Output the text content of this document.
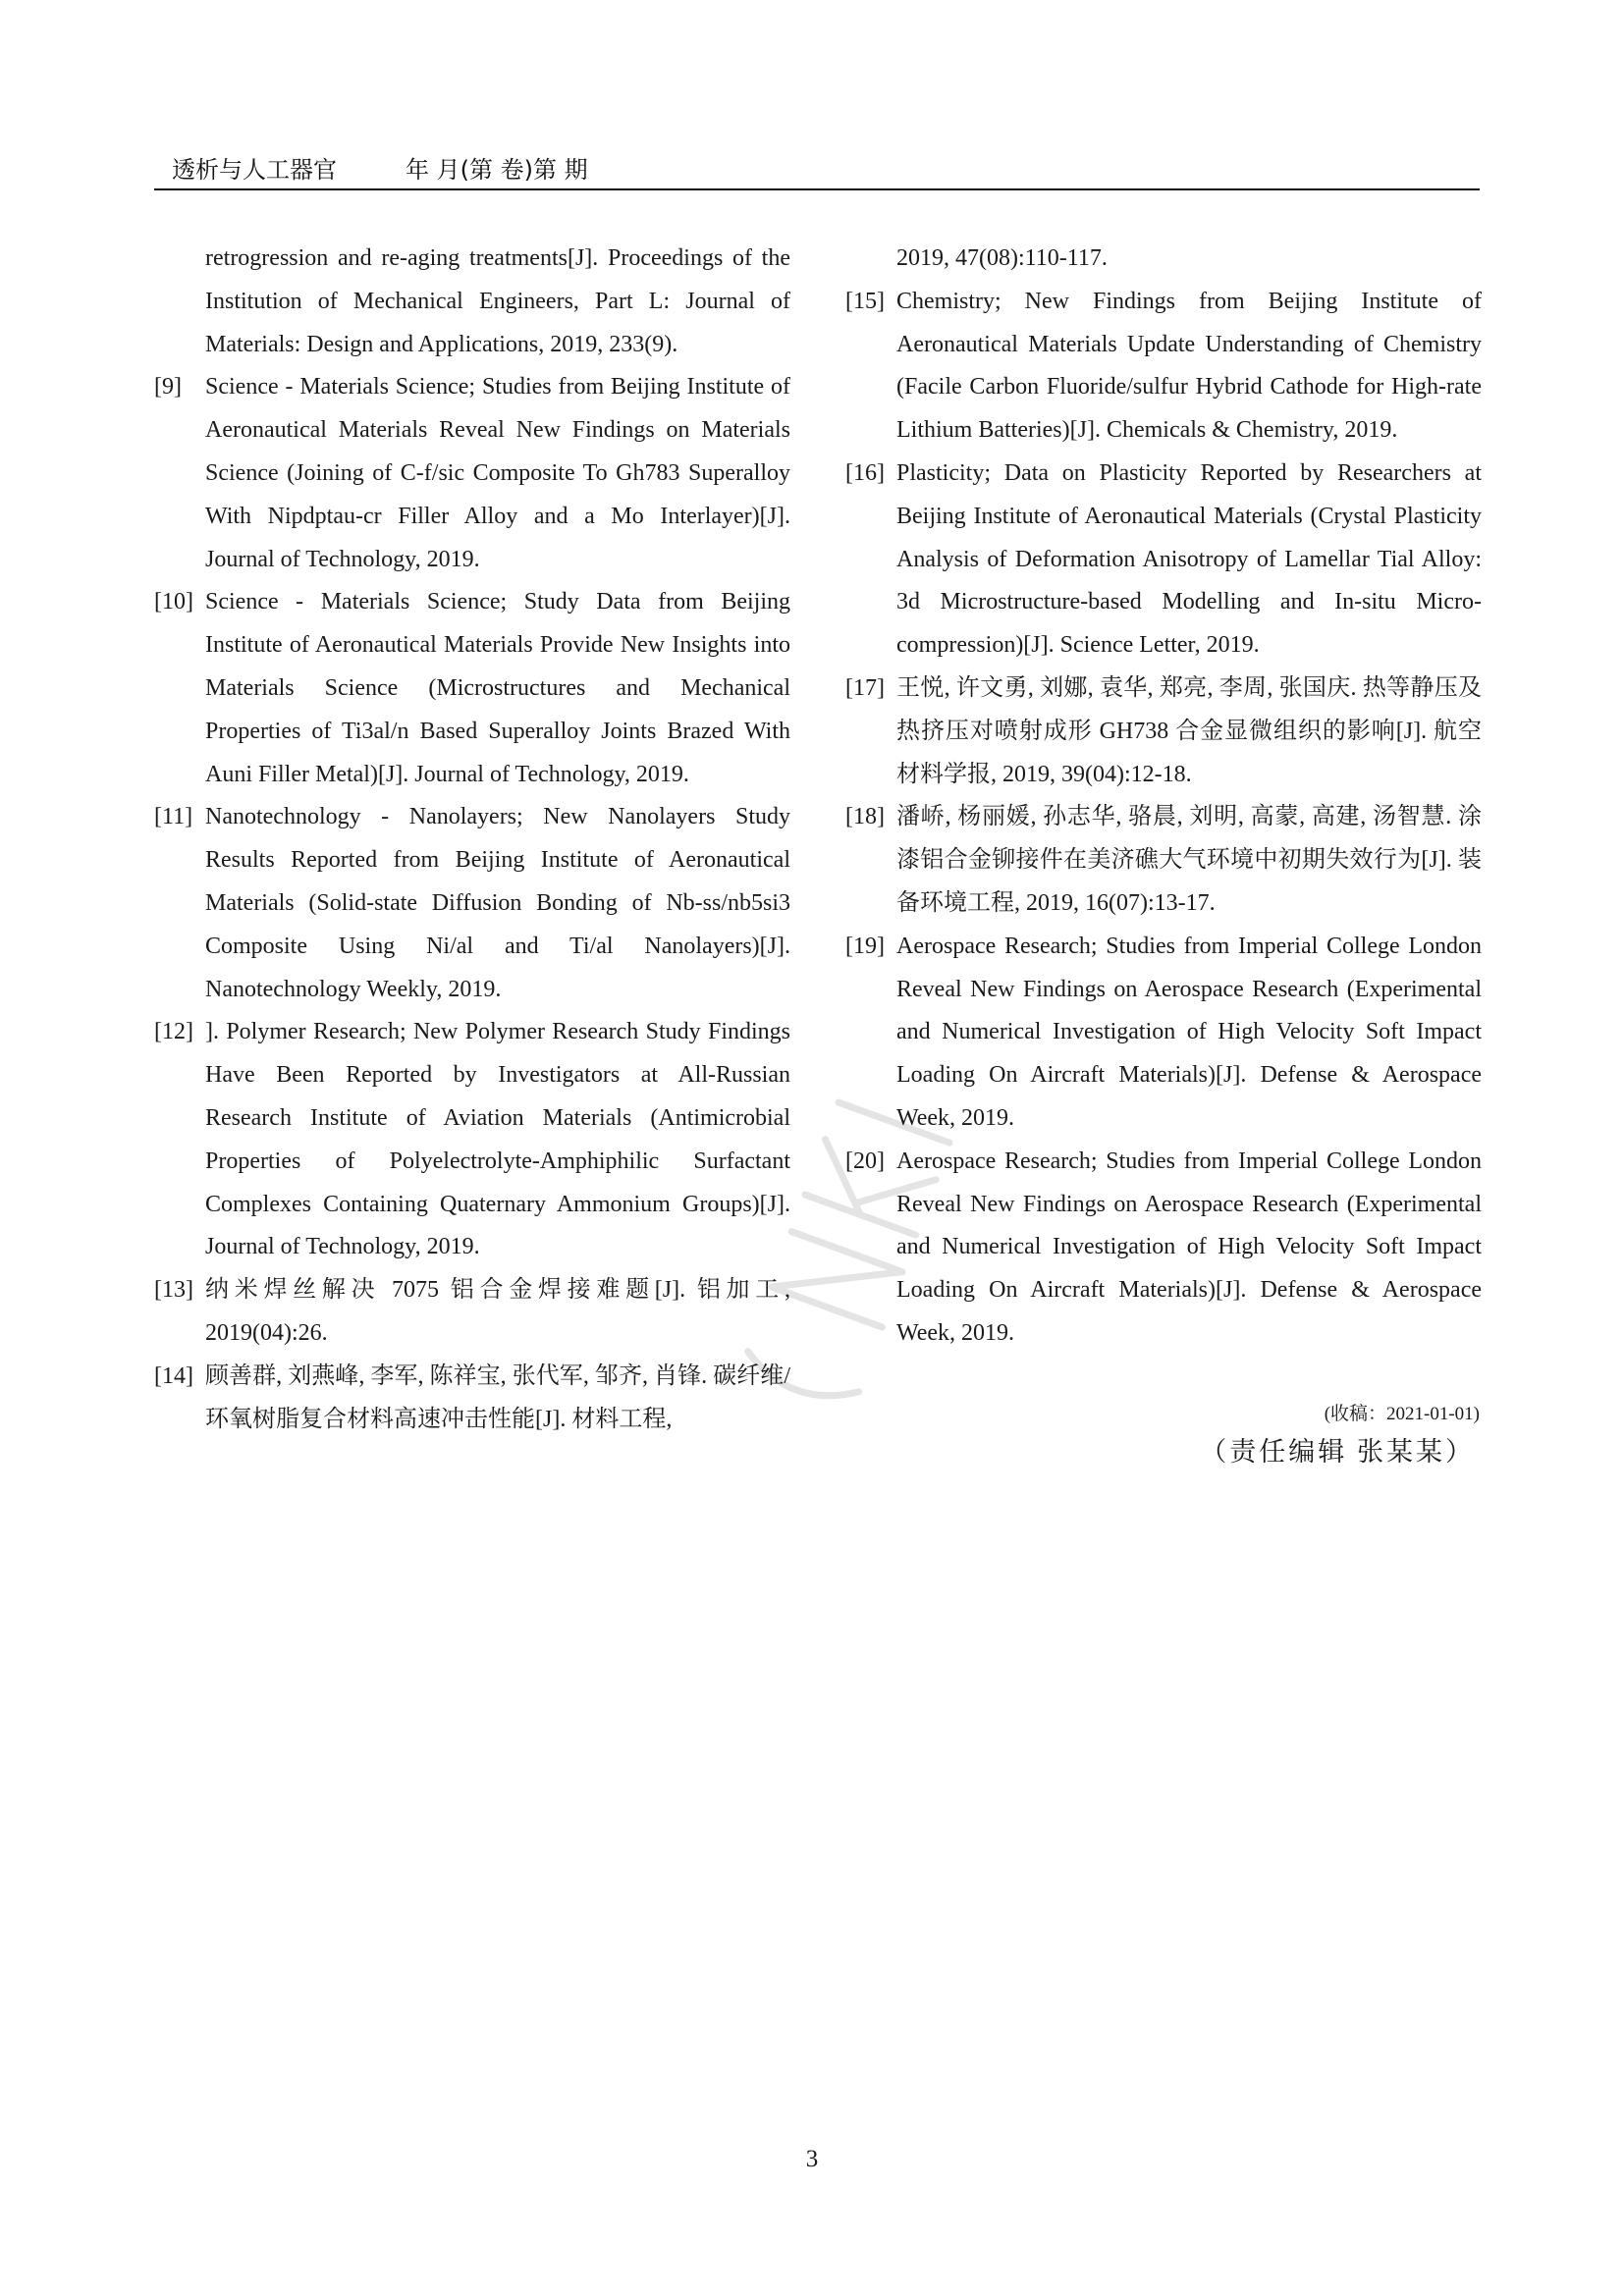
透析与人工器官	年 月(第 卷)第 期
retrogression and re-aging treatments[J]. Proceedings of the Institution of Mechanical Engineers, Part L: Journal of Materials: Design and Applications, 2019, 233(9).
[9]	Science - Materials Science; Studies from Beijing Institute of Aeronautical Materials Reveal New Findings on Materials Science (Joining of C-f/sic Composite To Gh783 Superalloy With Nipdptau-cr Filler Alloy and a Mo Interlayer)[J]. Journal of Technology, 2019.
[10] Science - Materials Science; Study Data from Beijing Institute of Aeronautical Materials Provide New Insights into Materials Science (Microstructures and Mechanical Properties of Ti3al/n Based Superalloy Joints Brazed With Auni Filler Metal)[J]. Journal of Technology, 2019.
[11] Nanotechnology - Nanolayers; New Nanolayers Study Results Reported from Beijing Institute of Aeronautical Materials (Solid-state Diffusion Bonding of Nb-ss/nb5si3 Composite Using Ni/al and Ti/al Nanolayers)[J]. Nanotechnology Weekly, 2019.
[12] ]. Polymer Research; New Polymer Research Study Findings Have Been Reported by Investigators at All-Russian Research Institute of Aviation Materials (Antimicrobial Properties of Polyelectrolyte-Amphiphilic Surfactant Complexes Containing Quaternary Ammonium Groups)[J]. Journal of Technology, 2019.
[13] 纳米焊丝解决 7075 铝合金焊接难题[J]. 铝加工, 2019(04):26.
[14] 顾善群, 刘燕峰, 李军, 陈祥宝, 张代军, 邹齐, 肖锋. 碳纤维/环氧树脂复合材料高速冲击性能[J]. 材料工程,
2019, 47(08):110-117.
[15] Chemistry; New Findings from Beijing Institute of Aeronautical Materials Update Understanding of Chemistry (Facile Carbon Fluoride/sulfur Hybrid Cathode for High-rate Lithium Batteries)[J]. Chemicals & Chemistry, 2019.
[16] Plasticity; Data on Plasticity Reported by Researchers at Beijing Institute of Aeronautical Materials (Crystal Plasticity Analysis of Deformation Anisotropy of Lamellar Tial Alloy: 3d Microstructure-based Modelling and In-situ Micro-compression)[J]. Science Letter, 2019.
[17] 王悦, 许文勇, 刘娜, 袁华, 郑亮, 李周, 张国庆. 热等静压及热挤压对喷射成形 GH738 合金显微组织的影响[J]. 航空材料学报, 2019, 39(04):12-18.
[18] 潘峤, 杨丽媛, 孙志华, 骆晨, 刘明, 高蒙, 高建, 汤智慧. 涂漆铝合金铆接件在美济礁大气环境中初期失效行为[J]. 装备环境工程, 2019, 16(07):13-17.
[19] Aerospace Research; Studies from Imperial College London Reveal New Findings on Aerospace Research (Experimental and Numerical Investigation of High Velocity Soft Impact Loading On Aircraft Materials)[J]. Defense & Aerospace Week, 2019.
[20] Aerospace Research; Studies from Imperial College London Reveal New Findings on Aerospace Research (Experimental and Numerical Investigation of High Velocity Soft Impact Loading On Aircraft Materials)[J]. Defense & Aerospace Week, 2019.
(收稿：2021-01-01)
（责任编辑 张某某）
3
